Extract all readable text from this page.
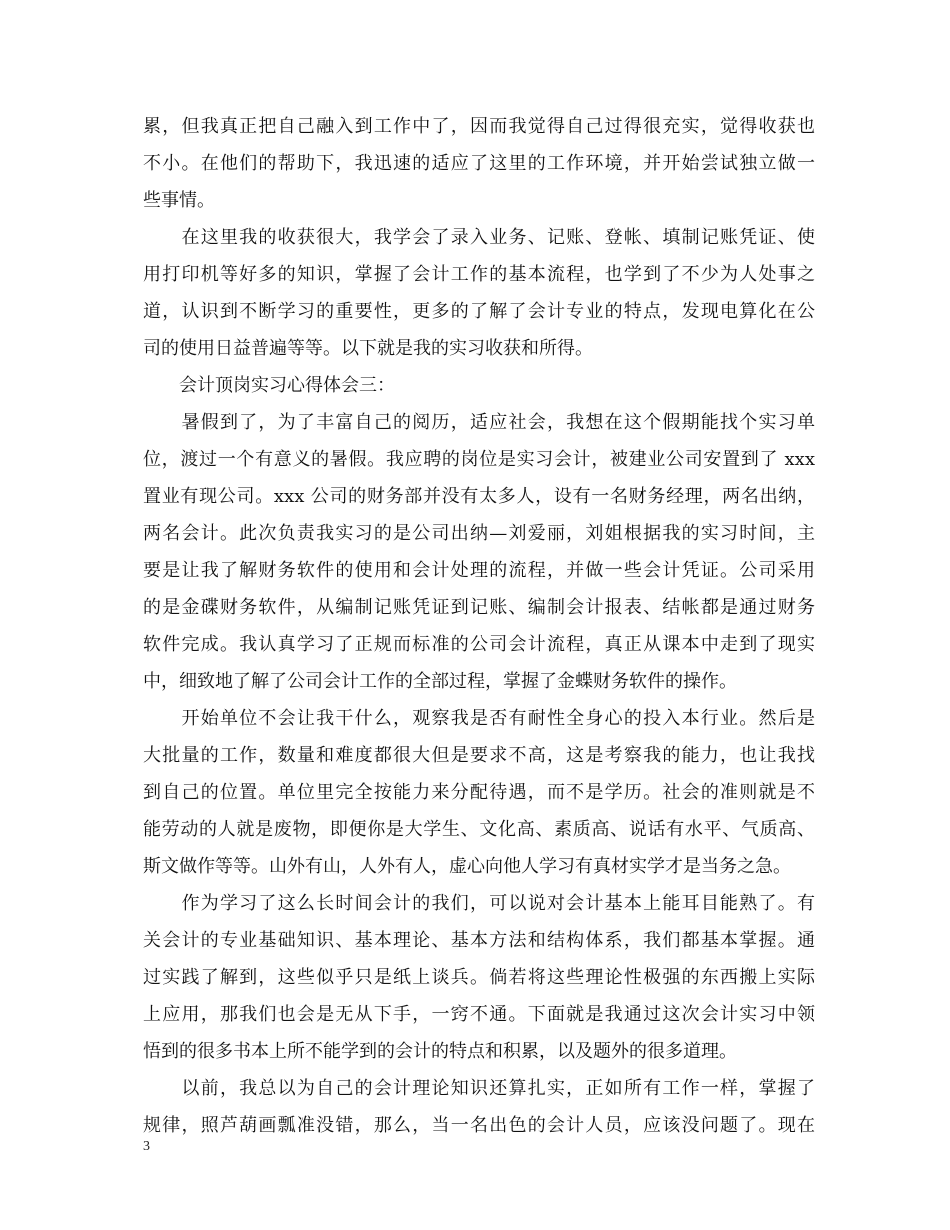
累，但我真正把自己融入到工作中了，因而我觉得自己过得很充实，觉得收获也
不小。在他们的帮助下，我迅速的适应了这里的工作环境，并开始尝试独立做一
些事情。
　　在这里我的收获很大，我学会了录入业务、记账、登帐、填制记账凭证、使
用打印机等好多的知识，掌握了会计工作的基本流程，也学到了不少为人处事之
道，认识到不断学习的重要性，更多的了解了会计专业的特点，发现电算化在公
司的使用日益普遍等等。以下就是我的实习收获和所得。
　　会计顶岗实习心得体会三：
　　暑假到了，为了丰富自己的阅历，适应社会，我想在这个假期能找个实习单
位，渡过一个有意义的暑假。我应聘的岗位是实习会计，被建业公司安置到了 xxx
置业有现公司。xxx 公司的财务部并没有太多人，设有一名财务经理，两名出纳，
两名会计。此次负责我实习的是公司出纳—刘爱丽，刘姐根据我的实习时间，主
要是让我了解财务软件的使用和会计处理的流程，并做一些会计凭证。公司采用
的是金碟财务软件，从编制记账凭证到记账、编制会计报表、结帐都是通过财务
软件完成。我认真学习了正规而标准的公司会计流程，真正从课本中走到了现实
中，细致地了解了公司会计工作的全部过程，掌握了金蝶财务软件的操作。
　　开始单位不会让我干什么，观察我是否有耐性全身心的投入本行业。然后是
大批量的工作，数量和难度都很大但是要求不高，这是考察我的能力，也让我找
到自己的位置。单位里完全按能力来分配待遇，而不是学历。社会的准则就是不
能劳动的人就是废物，即便你是大学生、文化高、素质高、说话有水平、气质高、
斯文做作等等。山外有山，人外有人，虚心向他人学习有真材实学才是当务之急。
　　作为学习了这么长时间会计的我们，可以说对会计基本上能耳目能熟了。有
关会计的专业基础知识、基本理论、基本方法和结构体系，我们都基本掌握。通
过实践了解到，这些似乎只是纸上谈兵。倘若将这些理论性极强的东西搬上实际
上应用，那我们也会是无从下手，一窍不通。下面就是我通过这次会计实习中领
悟到的很多书本上所不能学到的会计的特点和积累，以及题外的很多道理。
　　以前，我总以为自己的会计理论知识还算扎实，正如所有工作一样，掌握了
规律，照芦葫画瓢准没错，那么，当一名出色的会计人员，应该没问题了。现在
3
